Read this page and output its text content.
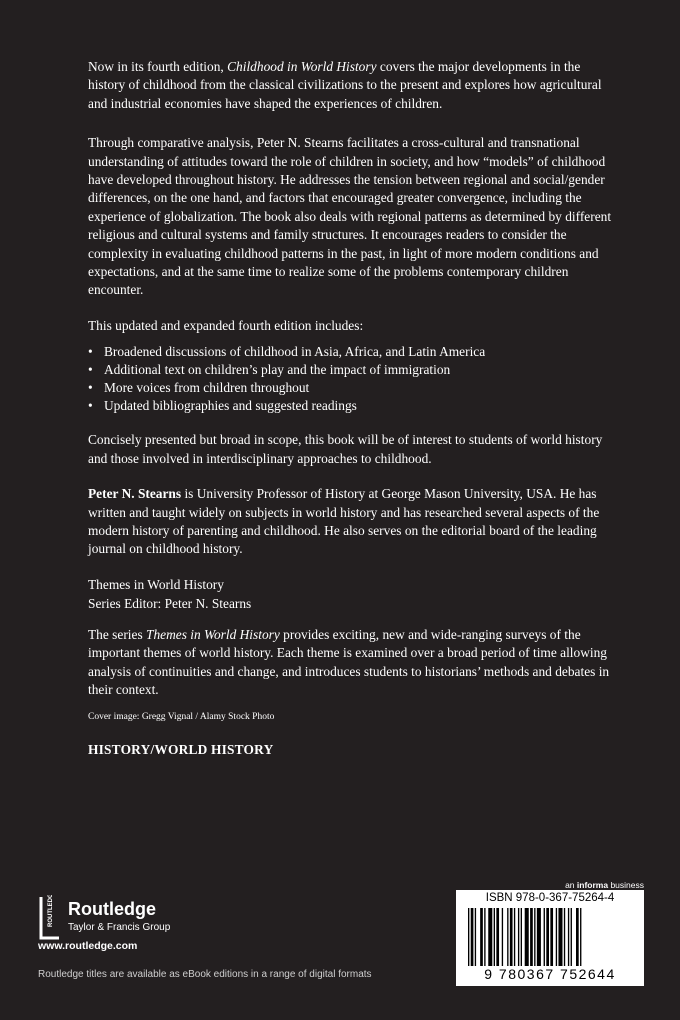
Now in its fourth edition, Childhood in World History covers the major developments in the history of childhood from the classical civilizations to the present and explores how agricultural and industrial economies have shaped the experiences of children.

Through comparative analysis, Peter N. Stearns facilitates a cross-cultural and transnational understanding of attitudes toward the role of children in society, and how “models” of childhood have developed throughout history. He addresses the tension between regional and social/gender differences, on the one hand, and factors that encouraged greater convergence, including the experience of globalization. The book also deals with regional patterns as determined by different religious and cultural systems and family structures. It encourages readers to consider the complexity in evaluating childhood patterns in the past, in light of more modern conditions and expectations, and at the same time to realize some of the problems contemporary children encounter.

This updated and expanded fourth edition includes:

• Broadened discussions of childhood in Asia, Africa, and Latin America
• Additional text on children’s play and the impact of immigration
• More voices from children throughout
• Updated bibliographies and suggested readings

Concisely presented but broad in scope, this book will be of interest to students of world history and those involved in interdisciplinary approaches to childhood.

Peter N. Stearns is University Professor of History at George Mason University, USA. He has written and taught widely on subjects in world history and has researched several aspects of the modern history of parenting and childhood. He also serves on the editorial board of the leading journal on childhood history.

Themes in World History
Series Editor: Peter N. Stearns

The series Themes in World History provides exciting, new and wide-ranging surveys of the important themes of world history. Each theme is examined over a broad period of time allowing analysis of continuities and change, and introduces students to historians’ methods and debates in their context.

Cover image: Gregg Vignal / Alamy Stock Photo
HISTORY/WORLD HISTORY
ROUTLEDGE Routledge
Taylor & Francis Group
www.routledge.com
Routledge titles are available as eBook editions in a range of digital formats
an informa business
ISBN 978-0-367-75264-4
9 780367 752644
